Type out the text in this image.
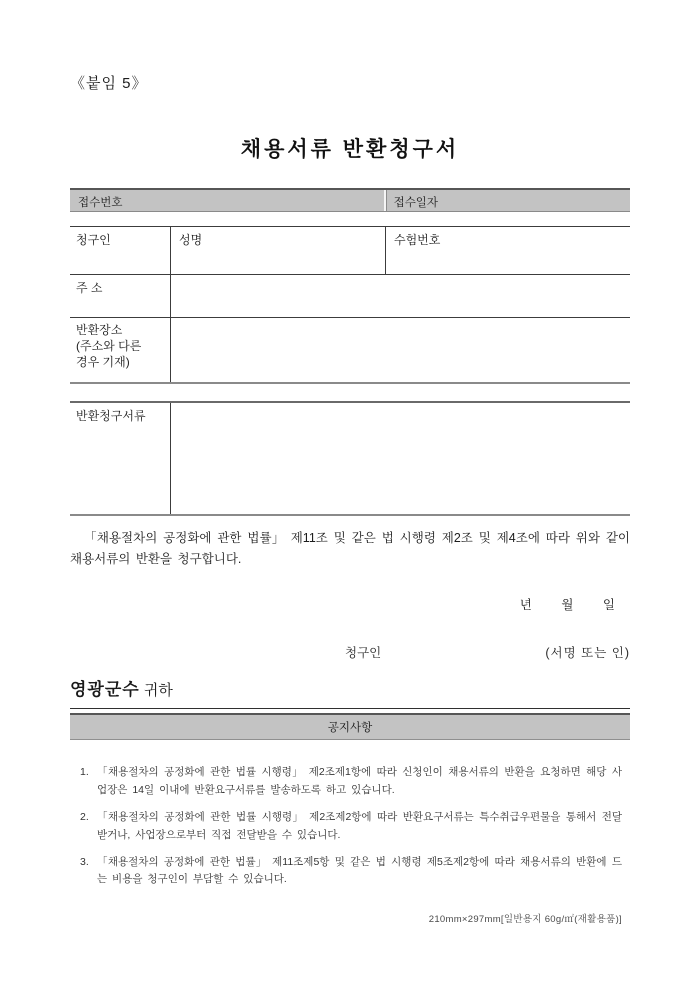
《붙임 5》
채용서류 반환청구서
접수번호	접수일자
청구인	성명	수험번호
주 소
반환장소
(주소와 다른
경우 기재)
반환청구서류
「채용절차의 공정화에 관한 법률」 제11조 및 같은 법 시행령 제2조 및 제4조에 따라 위와 같이 채용서류의 반환을 청구합니다.
년 월 일
청구인	(서명 또는 인)
영광군수 귀하
공지사항
1. 「채용절차의 공정화에 관한 법률 시행령」 제2조제1항에 따라 신청인이 채용서류의 반환을 요청하면 해당 사업장은 14일 이내에 반환요구서류를 발송하도록 하고 있습니다.
2. 「채용절차의 공정화에 관한 법률 시행령」 제2조제2항에 따라 반환요구서류는 특수취급우편물을 통해서 전달받거나, 사업장으로부터 직접 전달받을 수 있습니다.
3. 「채용절차의 공정화에 관한 법률」 제11조제5항 및 같은 법 시행령 제5조제2항에 따라 채용서류의 반환에 드는 비용을 청구인이 부담할 수 있습니다.
210mm×297mm[일반용지 60g/㎡(재활용품)]
